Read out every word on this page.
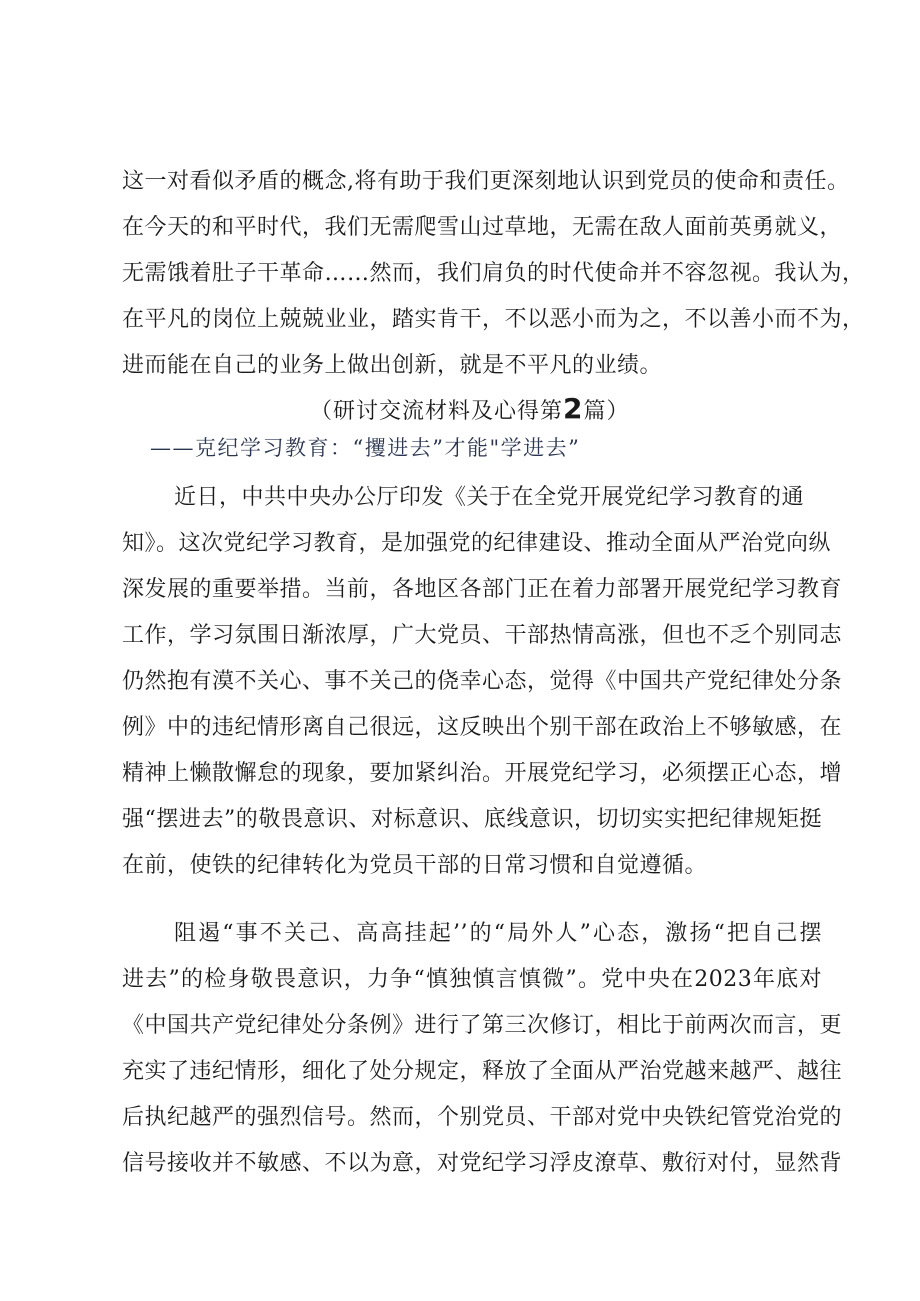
这一对看似矛盾的概念,将有助于我们更深刻地认识到党员的使命和责任。
在今天的和平时代，我们无需爬雪山过草地，无需在敌人面前英勇就义，
无需饿着肚子干革命……然而，我们肩负的时代使命并不容忽视。我认为，
在平凡的岗位上兢兢业业，踏实肯干，不以恶小而为之，不以善小而不为，
进而能在自己的业务上做出创新，就是不平凡的业绩。
（研讨交流材料及心得第2篇）
——克纪学习教育：“攫进去”才能"学进去”
近日，中共中央办公厅印发《关于在全党开展党纪学习教育的通
知》。这次党纪学习教育，是加强党的纪律建设、推动全面从严治党向纵
深发展的重要举措。当前，各地区各部门正在着力部署开展党纪学习教育
工作，学习氛围日渐浓厚，广大党员、干部热情高涨，但也不乏个别同志
仍然抱有漠不关心、事不关己的侥幸心态，觉得《中国共产党纪律处分条
例》中的违纪情形离自己很远，这反映出个别干部在政治上不够敏感，在
精神上懒散懈怠的现象，要加紧纠治。开展党纪学习，必须摆正心态，增
强“摆进去”的敬畏意识、对标意识、底线意识，切切实实把纪律规矩挺
在前，使铁的纪律转化为党员干部的日常习惯和自觉遵循。
阻遏“事不关己、高高挂起’’的“局外人”心态，激扬“把自己摆
进去”的检身敬畏意识，力争“慎独慎言慎微”。党中央在2023年底对
《中国共产党纪律处分条例》进行了第三次修订，相比于前两次而言，更
充实了违纪情形，细化了处分规定，释放了全面从严治党越来越严、越往
后执纪越严的强烈信号。然而，个别党员、干部对党中央铁纪管党治党的
信号接收并不敏感、不以为意，对党纪学习浮皮潦草、敷衍对付，显然背
